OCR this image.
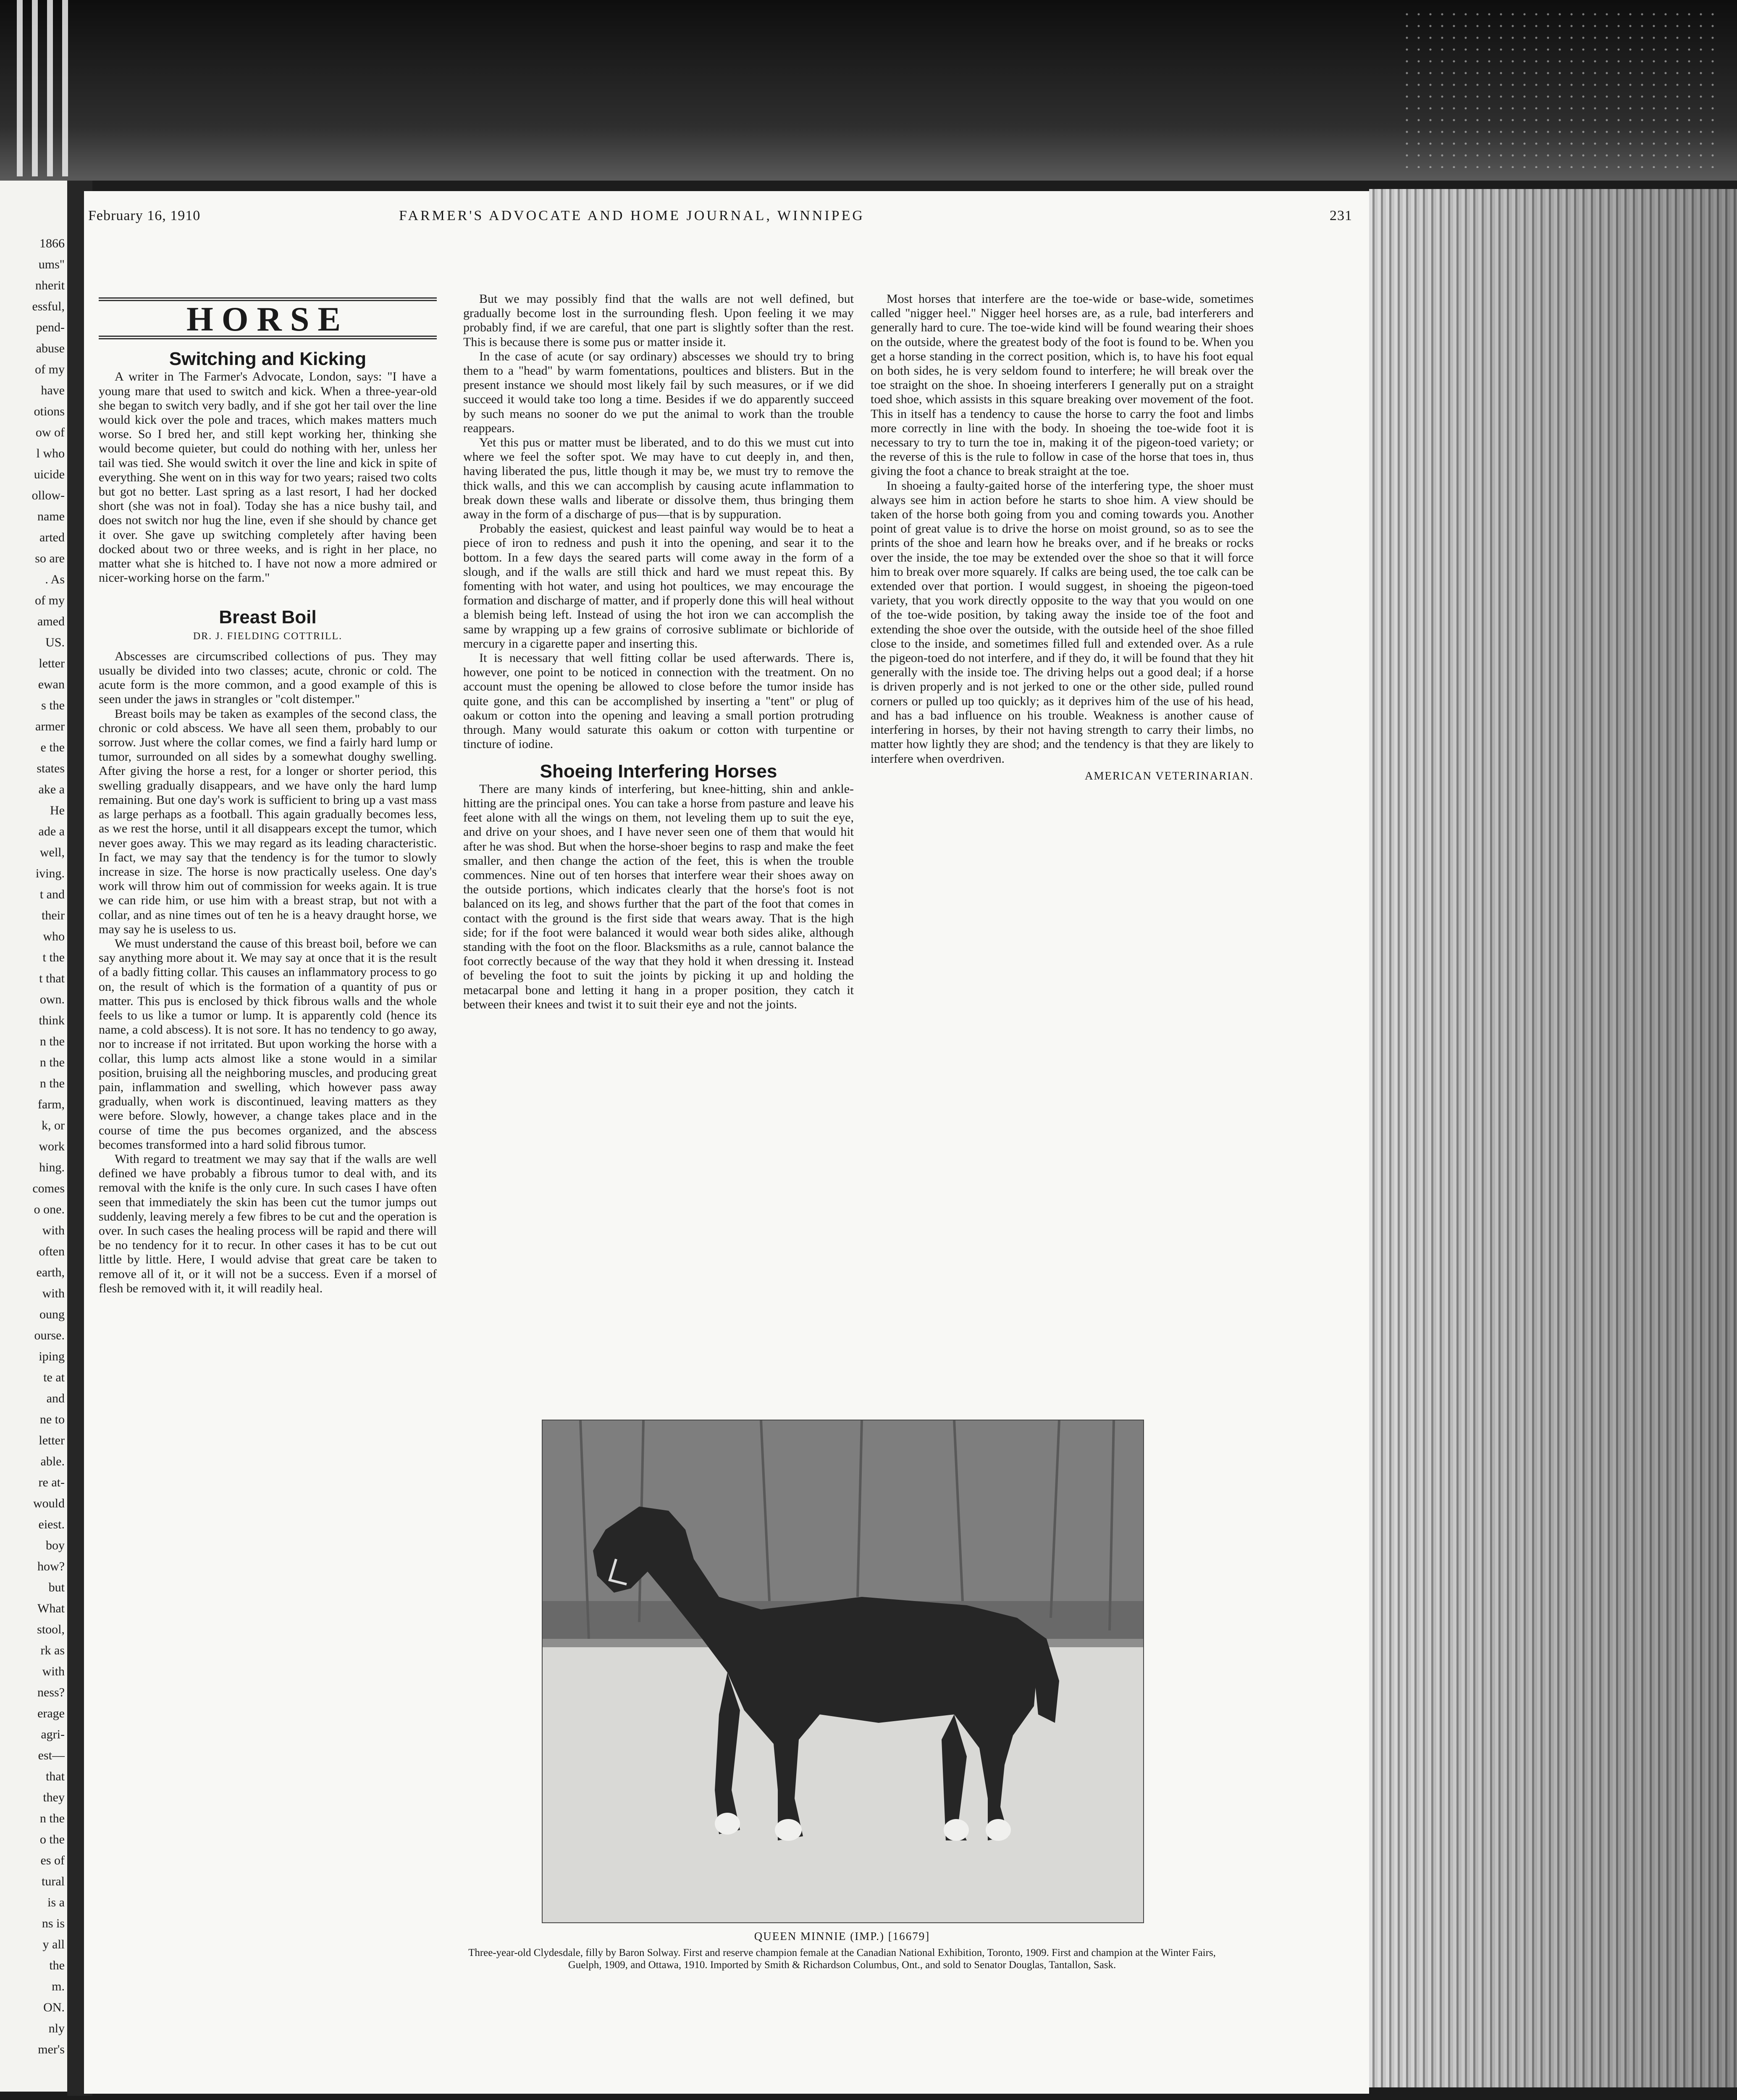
1866
ums"
nherit
essful,
pend-
abuse
of my
have
otions
ow of
l who
uicide
ollow-
name
arted
so are
. As
of my
amed
US.
letter
ewan
s the
armer
e the
states
ake a
He
ade a
well,
iving.
t and
their
who
t the
t that
own.
think
n the
n the
n the
farm,
k, or
work
hing.
comes
o one.
with
often
earth,
with
oung
ourse.
iping
te at
and
ne to
letter
able.
re at-
would
eiest.
boy
how?
but
What
stool,
rk as
with
ness?
erage
agri-
est—
that
they
n the
o the
es of
tural
is a
ns is
y all
the
m.
ON.
nly
mer's
February 16, 1910	FARMER'S ADVOCATE AND HOME JOURNAL, WINNIPEG	231
HORSE
Switching and Kicking

A writer in The Farmer's Advocate, London, says: "I have a young mare that used to switch and kick. When a three-year-old she began to switch very badly, and if she got her tail over the line would kick over the pole and traces, which makes matters much worse. So I bred her, and still kept working her, thinking she would become quieter, but could do nothing with her, unless her tail was tied. She would switch it over the line and kick in spite of everything. She went on in this way for two years; raised two colts but got no better. Last spring as a last resort, I had her docked short (she was not in foal). Today she has a nice bushy tail, and does not switch nor hug the line, even if she should by chance get it over. She gave up switching completely after having been docked about two or three weeks, and is right in her place, no matter what she is hitched to. I have not now a more admired or nicer-working horse on the farm."

Breast Boil
DR. J. FIELDING COTTRILL.

Abscesses are circumscribed collections of pus. They may usually be divided into two classes; acute, chronic or cold. The acute form is the more common, and a good example of this is seen under the jaws in strangles or "colt distemper."

Breast boils may be taken as examples of the second class, the chronic or cold abscess. We have all seen them, probably to our sorrow. Just where the collar comes, we find a fairly hard lump or tumor, surrounded on all sides by a somewhat doughy swelling. After giving the horse a rest, for a longer or shorter period, this swelling gradually disappears, and we have only the hard lump remaining. But one day's work is sufficient to bring up a vast mass as large perhaps as a football. This again gradually becomes less, as we rest the horse, until it all disappears except the tumor, which never goes away. This we may regard as its leading characteristic. In fact, we may say that the tendency is for the tumor to slowly increase in size. The horse is now practically useless. One day's work will throw him out of commission for weeks again. It is true we can ride him, or use him with a breast strap, but not with a collar, and as nine times out of ten he is a heavy draught horse, we may say he is useless to us.

We must understand the cause of this breast boil, before we can say anything more about it. We may say at once that it is the result of a badly fitting collar. This causes an inflammatory process to go on, the result of which is the formation of a quantity of pus or matter. This pus is enclosed by thick fibrous walls and the whole feels to us like a tumor or lump. It is apparently cold (hence its name, a cold abscess). It is not sore. It has no tendency to go away, nor to increase if not irritated. But upon working the horse with a collar, this lump acts almost like a stone would in a similar position, bruising all the neighboring muscles, and producing great pain, inflammation and swelling, which however pass away gradually, when work is discontinued, leaving matters as they were before. Slowly, however, a change takes place and in the course of time the pus becomes organized, and the abscess becomes transformed into a hard solid fibrous tumor.

With regard to treatment we may say that if the walls are well defined we have probably a fibrous tumor to deal with, and its removal with the knife is the only cure. In such cases I have often seen that immediately the skin has been cut the tumor jumps out suddenly, leaving merely a few fibres to be cut and the operation is over. In such cases the healing process will be rapid and there will be no tendency for it to recur. In other cases it has to be cut out little by little. Here, I would advise that great care be taken to remove all of it, or it will not be a success. Even if a morsel of flesh be removed with it, it will readily heal.

But we may possibly find that the walls are not well defined, but gradually become lost in the surrounding flesh. Upon feeling it we may probably find, if we are careful, that one part is slightly softer than the rest. This is because there is some pus or matter inside it.

In the case of acute (or say ordinary) abscesses we should try to bring them to a "head" by warm fomentations, poultices and blisters. But in the present instance we should most likely fail by such measures, or if we did succeed it would take too long a time. Besides if we do apparently succeed by such means no sooner do we put the animal to work than the trouble reappears.

Yet this pus or matter must be liberated, and to do this we must cut into where we feel the softer spot. We may have to cut deeply in, and then, having liberated the pus, little though it may be, we must try to remove the thick walls, and this we can accomplish by causing acute inflammation to break down these walls and liberate or dissolve them, thus bringing them away in the form of a discharge of pus—that is by suppuration.

Probably the easiest, quickest and least painful way would be to heat a piece of iron to redness and push it into the opening, and sear it to the bottom. In a few days the seared parts will come away in the form of a slough, and if the walls are still thick and hard we must repeat this. By fomenting with hot water, and using hot poultices, we may encourage the formation and discharge of matter, and if properly done this will heal without a blemish being left. Instead of using the hot iron we can accomplish the same by wrapping up a few grains of corrosive sublimate or bichloride of mercury in a cigarette paper and inserting this.

It is necessary that well fitting collar be used afterwards. There is, however, one point to be noticed in connection with the treatment. On no account must the opening be allowed to close before the tumor inside has quite gone, and this can be accomplished by inserting a "tent" or plug of oakum or cotton into the opening and leaving a small portion protruding through. Many would saturate this oakum or cotton with turpentine or tincture of iodine.

Shoeing Interfering Horses

There are many kinds of interfering, but knee-hitting, shin and ankle-hitting are the principal ones. You can take a horse from pasture and leave his feet alone with all the wings on them, not leveling them up to suit the eye, and drive on your shoes, and I have never seen one of them that would hit after he was shod. But when the horse-shoer begins to rasp and make the feet smaller, and then change the action of the feet, this is when the trouble commences. Nine out of ten horses that interfere wear their shoes away on the outside portions, which indicates clearly that the horse's foot is not balanced on its leg, and shows further that the part of the foot that comes in contact with the ground is the first side that wears away. That is the high side; for if the foot were balanced it would wear both sides alike, although standing with the foot on the floor. Blacksmiths as a rule, cannot balance the foot correctly because of the way that they hold it when dressing it. Instead of beveling the foot to suit the joints by picking it up and holding the metacarpal bone and letting it hang in a proper position, they catch it between their knees and twist it to suit their eye and not the joints.

Most horses that interfere are the toe-wide or base-wide, sometimes called "nigger heel." Nigger heel horses are, as a rule, bad interferers and generally hard to cure. The toe-wide kind will be found wearing their shoes on the outside, where the greatest body of the foot is found to be. When you get a horse standing in the correct position, which is, to have his foot equal on both sides, he is very seldom found to interfere; he will break over the toe straight on the shoe. In shoeing interferers I generally put on a straight toed shoe, which assists in this square breaking over movement of the foot. This in itself has a tendency to cause the horse to carry the foot and limbs more correctly in line with the body. In shoeing the toe-wide foot it is necessary to try to turn the toe in, making it of the pigeon-toed variety; or the reverse of this is the rule to follow in case of the horse that toes in, thus giving the foot a chance to break straight at the toe.

In shoeing a faulty-gaited horse of the interfering type, the shoer must always see him in action before he starts to shoe him. A view should be taken of the horse both going from you and coming towards you. Another point of great value is to drive the horse on moist ground, so as to see the prints of the shoe and learn how he breaks over, and if he breaks or rocks over the inside, the toe may be extended over the shoe so that it will force him to break over more squarely. If calks are being used, the toe calk can be extended over that portion. I would suggest, in shoeing the pigeon-toed variety, that you work directly opposite to the way that you would on one of the toe-wide position, by taking away the inside toe of the foot and extending the shoe over the outside, with the outside heel of the shoe filled close to the inside, and sometimes filled full and extended over. As a rule the pigeon-toed do not interfere, and if they do, it will be found that they hit generally with the inside toe. The driving helps out a good deal; if a horse is driven properly and is not jerked to one or the other side, pulled round corners or pulled up too quickly; as it deprives him of the use of his head, and has a bad influence on his trouble. Weakness is another cause of interfering in horses, by their not having strength to carry their limbs, no matter how lightly they are shod; and the tendency is that they are likely to interfere when overdriven.

AMERICAN VETERINARIAN.
QUEEN MINNIE (IMP.) [16679]
Three-year-old Clydesdale, filly by Baron Solway. First and reserve champion female at the Canadian National Exhibition, Toronto, 1909. First and champion at the Winter Fairs, Guelph, 1909, and Ottawa, 1910. Imported by Smith & Richardson Columbus, Ont., and sold to Senator Douglas, Tantallon, Sask.
